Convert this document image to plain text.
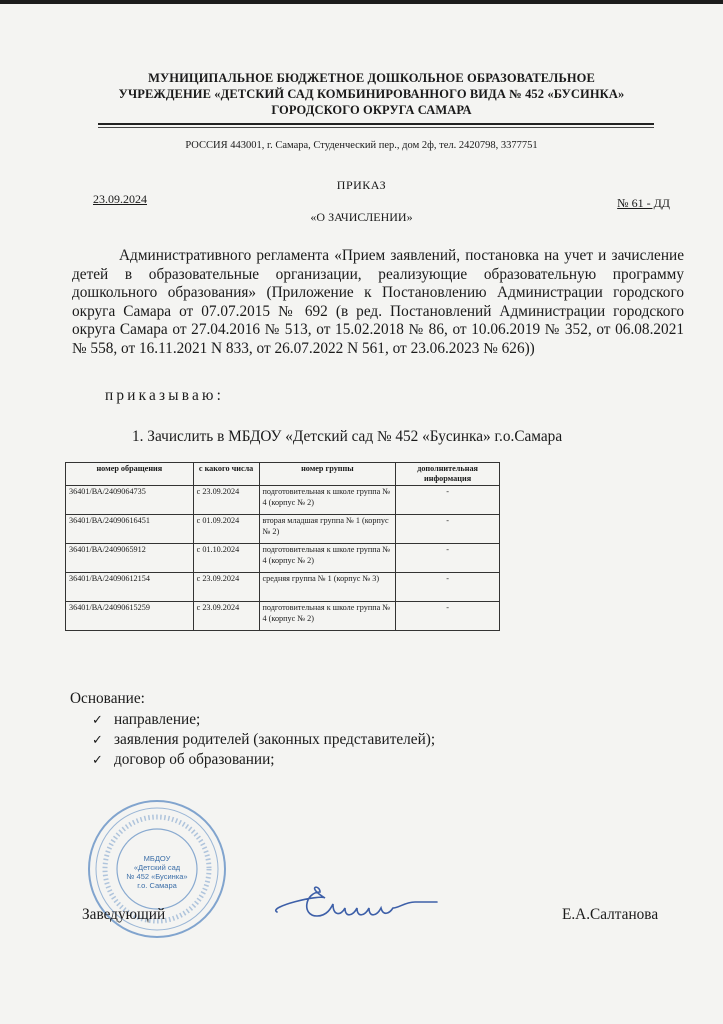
МУНИЦИПАЛЬНОЕ БЮДЖЕТНОЕ ДОШКОЛЬНОЕ ОБРАЗОВАТЕЛЬНОЕ
УЧРЕЖДЕНИЕ «ДЕТСКИЙ САД КОМБИНИРОВАННОГО ВИДА № 452 «БУСИНКА»
ГОРОДСКОГО ОКРУГА САМАРА
РОССИЯ 443001, г. Самара, Студенческий пер., дом 2ф, тел. 2420798, 3377751
ПРИКАЗ
23.09.2024	№ 61 - ДД
«О ЗАЧИСЛЕНИИ»

Административного регламента «Прием заявлений, постановка на учет и зачисление детей в образовательные организации, реализующие образовательную программу дошкольного образования» (Приложение к Постановлению Администрации городского округа Самара от 07.07.2015 № 692 (в ред. Постановлений Администрации городского округа Самара от 27.04.2016 № 513, от 15.02.2018 № 86, от 10.06.2019 № 352, от 06.08.2021 № 558, от 16.11.2021 N 833, от 26.07.2022 N 561, от 23.06.2023 № 626))

приказываю:
1. Зачислить в МБДОУ «Детский сад № 452 «Бусинка» г.о.Самара
номер обращения	с какого числа	номер группы	дополнительная информация
36401/ВА/2409064735	с 23.09.2024	подготовительная к школе группа № 4 (корпус № 2)	-
36401/ВА/24090616451	с 01.09.2024	вторая младшая группа № 1 (корпус № 2)	-
36401/ВА/2409065912	с 01.10.2024	подготовительная к школе группа № 4 (корпус № 2)	-
36401/ВА/24090612154	с 23.09.2024	средняя группа № 1 (корпус № 3)	-
36401/ВА/24090615259	с 23.09.2024	подготовительная к школе группа № 4 (корпус № 2)	-
Основание:
✓ направление;
✓ заявления родителей (законных представителей);
✓ договор об образовании;
МБДОУ
«Детский сад
№ 452 «Бусинка»
г.о. Самара
Заведующий	Е.А.Салтанова
